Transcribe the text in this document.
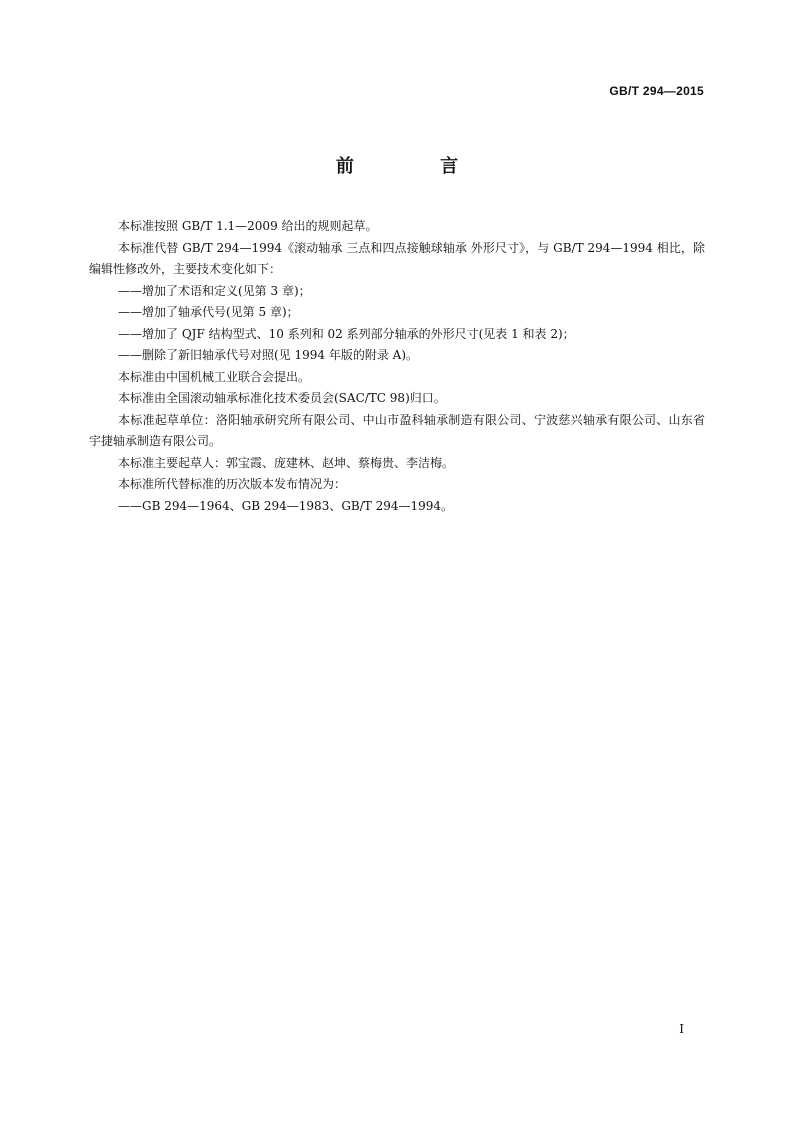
GB/T 294—2015
前 言

本标准按照 GB/T 1.1—2009 给出的规则起草。

本标准代替 GB/T 294—1994《滚动轴承 三点和四点接触球轴承 外形尺寸》，与 GB/T 294—1994 相比，除编辑性修改外，主要技术变化如下：

——增加了术语和定义(见第 3 章)；

——增加了轴承代号(见第 5 章)；

——增加了 QJF 结构型式、10 系列和 02 系列部分轴承的外形尺寸(见表 1 和表 2)；

——删除了新旧轴承代号对照(见 1994 年版的附录 A)。

本标准由中国机械工业联合会提出。

本标准由全国滚动轴承标准化技术委员会(SAC/TC 98)归口。

本标准起草单位：洛阳轴承研究所有限公司、中山市盈科轴承制造有限公司、宁波慈兴轴承有限公司、山东省宇捷轴承制造有限公司。

本标准主要起草人：郭宝霞、庞建林、赵坤、蔡梅贵、李洁梅。

本标准所代替标准的历次版本发布情况为：

——GB 294—1964、GB 294—1983、GB/T 294—1994。

I
